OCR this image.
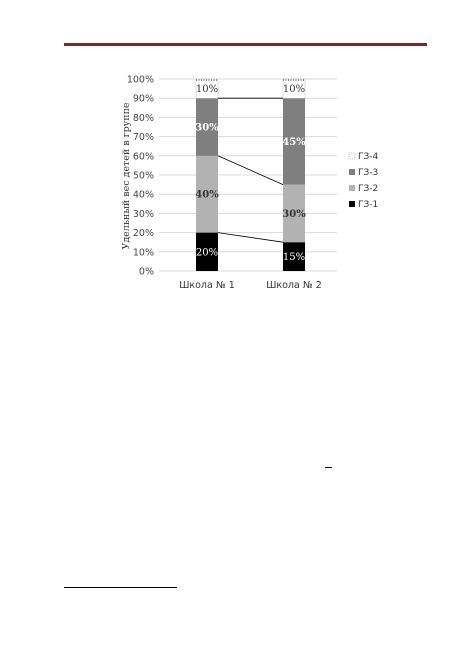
0%
10%
20%
30%
40%
50%
60%
70%
80%
90%
100%
20%
40%
30%
10%
15%
30%
45%
10%
Школа № 1	Школа № 2
ГЗ-4
ГЗ-3
ГЗ-2
ГЗ-1
Удельный вес детей в группе
